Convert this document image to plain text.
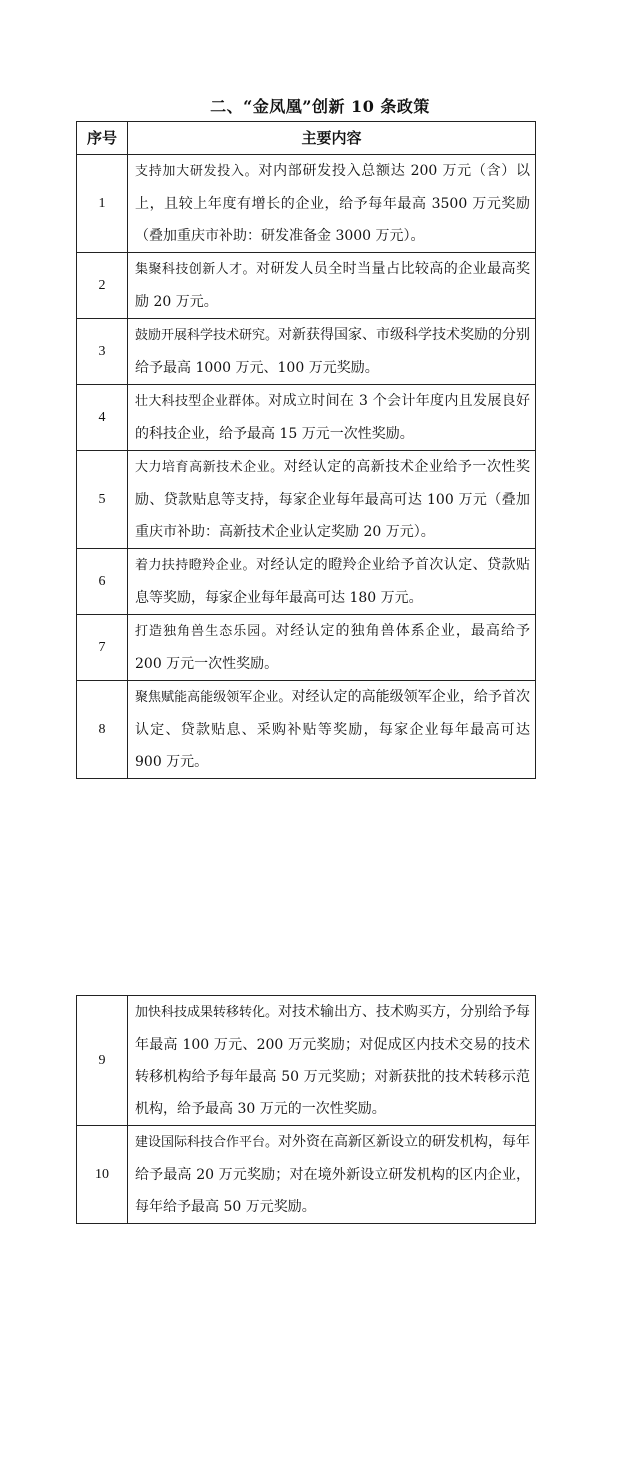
二、“金凤凰”创新 10 条政策
序号	主要内容
1	支持加大研发投入。对内部研发投入总额达 200 万元（含）以上，且较上年度有增长的企业，给予每年最高 3500 万元奖励（叠加重庆市补助：研发准备金 3000 万元）。
2	集聚科技创新人才。对研发人员全时当量占比较高的企业最高奖励 20 万元。
3	鼓励开展科学技术研究。对新获得国家、市级科学技术奖励的分别给予最高 1000 万元、100 万元奖励。
4	壮大科技型企业群体。对成立时间在 3 个会计年度内且发展良好的科技企业，给予最高 15 万元一次性奖励。
5	大力培育高新技术企业。对经认定的高新技术企业给予一次性奖励、贷款贴息等支持，每家企业每年最高可达 100 万元（叠加重庆市补助：高新技术企业认定奖励 20 万元）。
6	着力扶持瞪羚企业。对经认定的瞪羚企业给予首次认定、贷款贴息等奖励，每家企业每年最高可达 180 万元。
7	打造独角兽生态乐园。对经认定的独角兽体系企业，最高给予 200 万元一次性奖励。
8	聚焦赋能高能级领军企业。对经认定的高能级领军企业，给予首次认定、贷款贴息、采购补贴等奖励，每家企业每年最高可达 900 万元。
9	加快科技成果转移转化。对技术输出方、技术购买方，分别给予每年最高 100 万元、200 万元奖励；对促成区内技术交易的技术转移机构给予每年最高 50 万元奖励；对新获批的技术转移示范机构，给予最高 30 万元的一次性奖励。
10	建设国际科技合作平台。对外资在高新区新设立的研发机构，每年给予最高 20 万元奖励；对在境外新设立研发机构的区内企业，每年给予最高 50 万元奖励。
